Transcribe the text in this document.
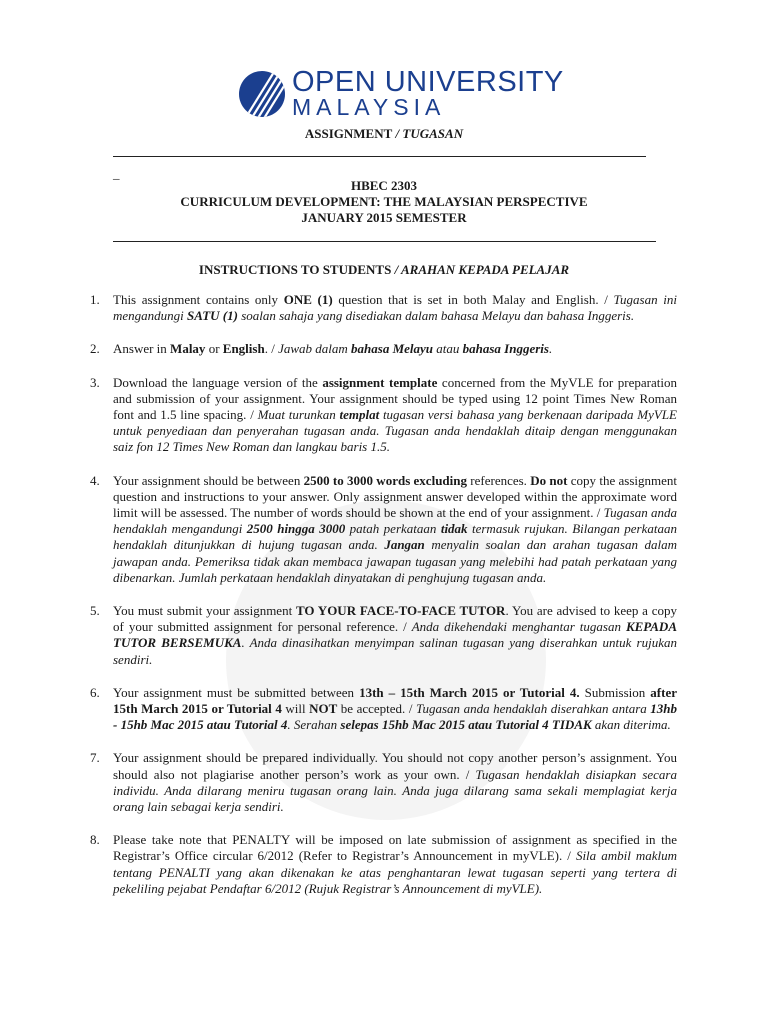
OPEN UNIVERSITY
MALAYSIA
ASSIGNMENT / TUGASAN
_
HBEC 2303
CURRICULUM DEVELOPMENT: THE MALAYSIAN PERSPECTIVE
JANUARY 2015 SEMESTER
INSTRUCTIONS TO STUDENTS / ARAHAN KEPADA PELAJAR
1. This assignment contains only ONE (1) question that is set in both Malay and English. / Tugasan ini mengandungi SATU (1) soalan sahaja yang disediakan dalam bahasa Melayu dan bahasa Inggeris.
2. Answer in Malay or English. / Jawab dalam bahasa Melayu atau bahasa Inggeris.
3. Download the language version of the assignment template concerned from the MyVLE for preparation and submission of your assignment. Your assignment should be typed using 12 point Times New Roman font and 1.5 line spacing. / Muat turunkan templat tugasan versi bahasa yang berkenaan daripada MyVLE untuk penyediaan dan penyerahan tugasan anda. Tugasan anda hendaklah ditaip dengan menggunakan saiz fon 12 Times New Roman dan langkau baris 1.5.
4. Your assignment should be between 2500 to 3000 words excluding references. Do not copy the assignment question and instructions to your answer. Only assignment answer developed within the approximate word limit will be assessed. The number of words should be shown at the end of your assignment. / Tugasan anda hendaklah mengandungi 2500 hingga 3000 patah perkataan tidak termasuk rujukan. Bilangan perkataan hendaklah ditunjukkan di hujung tugasan anda. Jangan menyalin soalan dan arahan tugasan dalam jawapan anda. Pemeriksa tidak akan membaca jawapan tugasan yang melebihi had patah perkataan yang dibenarkan. Jumlah perkataan hendaklah dinyatakan di penghujung tugasan anda.
5. You must submit your assignment TO YOUR FACE-TO-FACE TUTOR. You are advised to keep a copy of your submitted assignment for personal reference. / Anda dikehendaki menghantar tugasan KEPADA TUTOR BERSEMUKA. Anda dinasihatkan menyimpan salinan tugasan yang diserahkan untuk rujukan sendiri.
6. Your assignment must be submitted between 13th – 15th March 2015 or Tutorial 4. Submission after 15th March 2015 or Tutorial 4 will NOT be accepted. / Tugasan anda hendaklah diserahkan antara 13hb - 15hb Mac 2015 atau Tutorial 4. Serahan selepas 15hb Mac 2015 atau Tutorial 4 TIDAK akan diterima.
7. Your assignment should be prepared individually. You should not copy another person’s assignment. You should also not plagiarise another person’s work as your own. / Tugasan hendaklah disiapkan secara individu. Anda dilarang meniru tugasan orang lain. Anda juga dilarang sama sekali memplagiat kerja orang lain sebagai kerja sendiri.
8. Please take note that PENALTY will be imposed on late submission of assignment as specified in the Registrar’s Office circular 6/2012 (Refer to Registrar’s Announcement in myVLE). / Sila ambil maklum tentang PENALTI yang akan dikenakan ke atas penghantaran lewat tugasan seperti yang tertera di pekeliling pejabat Pendaftar 6/2012 (Rujuk Registrar’s Announcement di myVLE).
